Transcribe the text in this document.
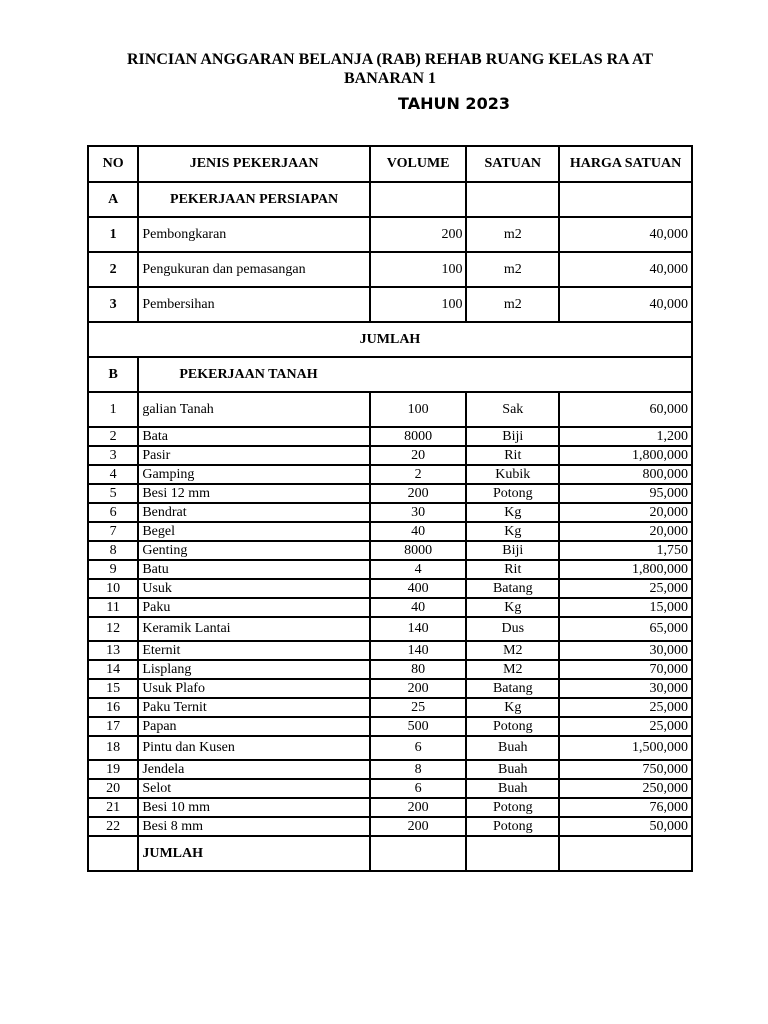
RINCIAN ANGGARAN BELANJA (RAB) REHAB RUANG KELAS RA AT
BANARAN 1
TAHUN 2023
NO	JENIS PEKERJAAN	VOLUME	SATUAN	HARGA SATUAN
A	PEKERJAAN PERSIAPAN			
1	Pembongkaran	200	m2	40,000
2	Pengukuran dan pemasangan	100	m2	40,000
3	Pembersihan	100	m2	40,000
JUMLAH				
B	PEKERJAAN TANAH			
1	galian Tanah	100	Sak	60,000
2	Bata	8000	Biji	1,200
3	Pasir	20	Rit	1,800,000
4	Gamping	2	Kubik	800,000
5	Besi 12 mm	200	Potong	95,000
6	Bendrat	30	Kg	20,000
7	Begel	40	Kg	20,000
8	Genting	8000	Biji	1,750
9	Batu	4	Rit	1,800,000
10	Usuk	400	Batang	25,000
11	Paku	40	Kg	15,000
12	Keramik Lantai	140	Dus	65,000
13	Eternit	140	M2	30,000
14	Lisplang	80	M2	70,000
15	Usuk Plafo	200	Batang	30,000
16	Paku Ternit	25	Kg	25,000
17	Papan	500	Potong	25,000
18	Pintu dan Kusen	6	Buah	1,500,000
19	Jendela	8	Buah	750,000
20	Selot	6	Buah	250,000
21	Besi 10 mm	200	Potong	76,000
22	Besi 8 mm	200	Potong	50,000
	JUMLAH			
